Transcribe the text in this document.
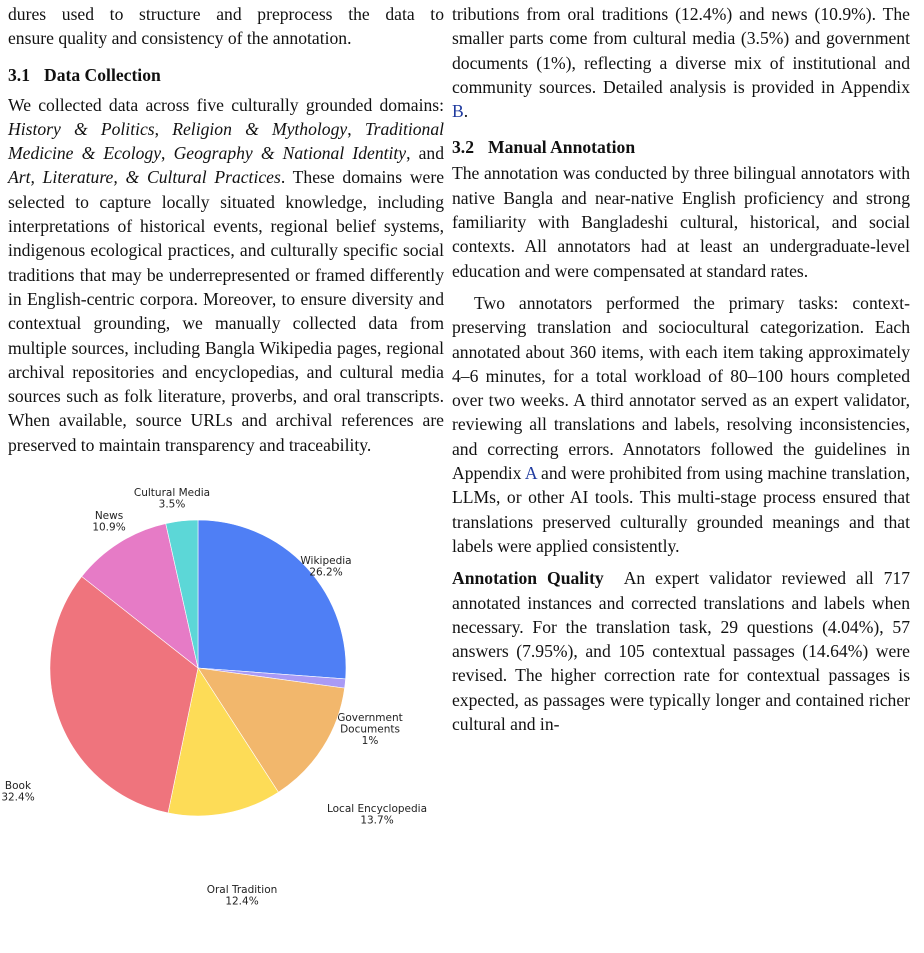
dures used to structure and preprocess the data to

ensure quality and consistency of the annotation.

3.1 Data Collection

We collected data across five culturally grounded domains: History & Politics, Religion & Mythology, Traditional Medicine & Ecology, Geography & National Identity, and Art, Literature, & Cultural Practices. These domains were selected to capture locally situated knowledge, including interpretations of historical events, regional belief systems, indigenous ecological practices, and culturally specific social traditions that may be underrepresented or framed differently in English-centric corpora. Moreover, to ensure diversity and contextual grounding, we manually collected data from multiple sources, including Bangla Wikipedia pages, regional archival repositories and encyclopedias, and cultural media sources such as folk literature, proverbs, and oral transcripts. When available, source URLs and archival references are preserved to maintain transparency and traceability.

Wikipedia
26.2%
Government
Documents
1%
Local Encyclopedia
13.7%
Oral Tradition
12.4%
Book
32.4%
News
10.9%
Cultural Media
3.5%

tributions from oral traditions (12.4%) and news (10.9%). The smaller parts come from cultural media (3.5%) and government documents (1%), reflecting a diverse mix of institutional and community sources. Detailed analysis is provided in Appendix B.

3.2 Manual Annotation

The annotation was conducted by three bilingual annotators with native Bangla and near-native English proficiency and strong familiarity with Bangladeshi cultural, historical, and social contexts. All annotators had at least an undergraduate-level education and were compensated at standard rates.

Two annotators performed the primary tasks: context-preserving translation and sociocultural categorization. Each annotated about 360 items, with each item taking approximately 4–6 minutes, for a total workload of 80–100 hours completed over two weeks. A third annotator served as an expert validator, reviewing all translations and labels, resolving inconsistencies, and correcting errors. Annotators followed the guidelines in Appendix A and were prohibited from using machine translation, LLMs, or other AI tools. This multi-stage process ensured that translations preserved culturally grounded meanings and that labels were applied consistently.

Annotation Quality An expert validator reviewed all 717 annotated instances and corrected translations and labels when necessary. For the translation task, 29 questions (4.04%), 57 answers (7.95%), and 105 contextual passages (14.64%) were revised. The higher correction rate for contextual passages is expected, as passages were typically longer and contained richer cultural and in-
